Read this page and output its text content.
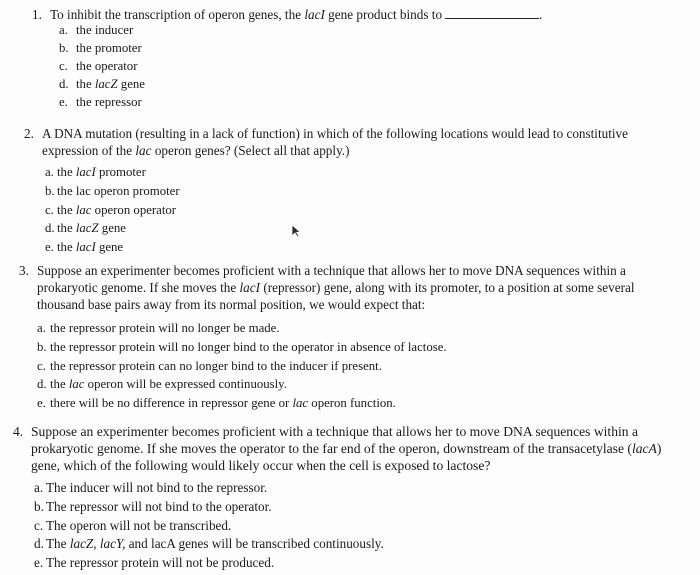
1. To inhibit the transcription of operon genes, the lacI gene product binds to	.
a. the inducer
b. the promoter
c. the operator
d. the lacZ gene
e. the repressor
2. A DNA mutation (resulting in a lack of function) in which of the following locations would lead to constitutive
expression of the lac operon genes? (Select all that apply.)
a. the lacI promoter
b. the lac operon promoter
c. the lac operon operator
d. the lacZ gene
e. the lacI gene
3. Suppose an experimenter becomes proficient with a technique that allows her to move DNA sequences within a
prokaryotic genome. If she moves the lacI (repressor) gene, along with its promoter, to a position at some several
thousand base pairs away from its normal position, we would expect that:
a. the repressor protein will no longer be made.
b. the repressor protein will no longer bind to the operator in absence of lactose.
c. the repressor protein can no longer bind to the inducer if present.
d. the lac operon will be expressed continuously.
e. there will be no difference in repressor gene or lac operon function.
4. Suppose an experimenter becomes proficient with a technique that allows her to move DNA sequences within a
prokaryotic genome. If she moves the operator to the far end of the operon, downstream of the transacetylase (lacA)
gene, which of the following would likely occur when the cell is exposed to lactose?
a. The inducer will not bind to the repressor.
b. The repressor will not bind to the operator.
c. The operon will not be transcribed.
d. The lacZ, lacY, and lacA genes will be transcribed continuously.
e. The repressor protein will not be produced.
